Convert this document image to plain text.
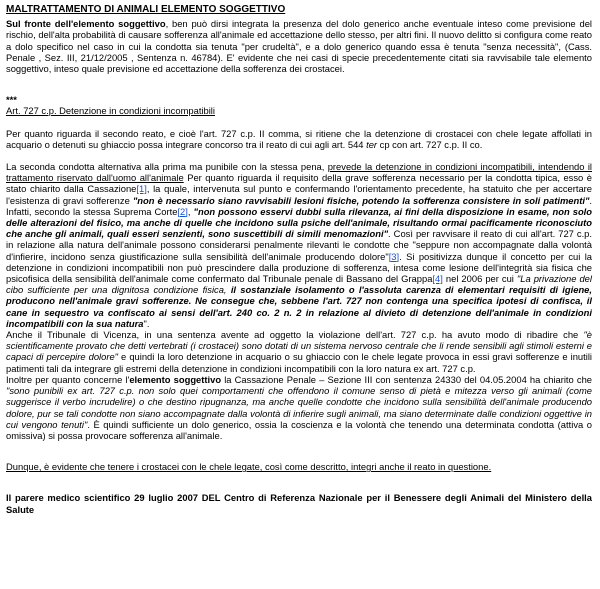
MALTRATTAMENTO DI ANIMALI ELEMENTO SOGGETTIVO

Sul fronte dell'elemento soggettivo, ben può dirsi integrata la presenza del dolo generico anche eventuale inteso come previsione del rischio, dell'alta probabilità di causare sofferenza all'animale ed accettazione dello stesso, per altri fini. Il nuovo delitto si configura come reato a dolo specifico nel caso in cui la condotta sia tenuta "per crudeltà", e a dolo generico quando essa è tenuta "senza necessità", (Cass. Penale , Sez. III, 21/12/2005 , Sentenza n. 46784). E' evidente che nei casi di specie precedentemente citati sia ravvisabile tale elemento soggettivo, inteso quale previsione ed accettazione della sofferenza dei crostacei.

***

Art. 727 c.p. Detenzione in condizioni incompatibili

Per quanto riguarda il secondo reato, e cioè l'art. 727 c.p. II comma, si ritiene che la detenzione di crostacei con chele legate affollati in acquario o detenuti su ghiaccio possa integrare concorso tra il reato di cui agli art. 544 ter cp con art. 727 c.p. II co.

La seconda condotta alternativa alla prima ma punibile con la stessa pena, prevede la detenzione in condizioni incompatibili, intendendo il trattamento riservato dall'uomo all'animale Per quanto riguarda il requisito della grave sofferenza necessario per la condotta tipica, esso è stato chiarito dalla Cassazione[1], la quale, intervenuta sul punto e confermando l'orientamento precedente, ha statuito che per accertare l'esistenza di gravi sofferenze "non è necessario siano ravvisabili lesioni fisiche, potendo la sofferenza consistere in soli patimenti". Infatti, secondo la stessa Suprema Corte[2], "non possono esservi dubbi sulla rilevanza, ai fini della disposizione in esame, non solo delle alterazioni del fisico, ma anche di quelle che incidono sulla psiche dell'animale, risultando ormai pacificamente riconosciuto che anche gli animali, quali esseri senzienti, sono suscettibili di simili menomazioni". Così per ravvisare il reato di cui all'art. 727 c.p. in relazione alla natura dell'animale possono considerarsi penalmente rilevanti le condotte che "seppure non accompagnate dalla volontà d'infierire, incidono senza giustificazione sulla sensibilità dell'animale producendo dolore"[3]. Si positivizza dunque il concetto per cui la detenzione in condizioni incompatibili non può prescindere dalla produzione di sofferenza, intesa come lesione dell'integrità sia fisica che psicofisica della sensibilità dell'animale come confermato dal Tribunale penale di Bassano del Grappa[4] nel 2006 per cui "La privazione del cibo sufficiente per una dignitosa condizione fisica, il sostanziale isolamento o l'assoluta carenza di elementari requisiti di igiene, producono nell'animale gravi sofferenze. Ne consegue che, sebbene l'art. 727 non contenga una specifica ipotesi di confisca, il cane in sequestro va confiscato ai sensi dell'art. 240 co. 2 n. 2 in relazione al divieto di detenzione dell'animale in condizioni incompatibili con la sua natura".

Anche il Tribunale di Vicenza, in una sentenza avente ad oggetto la violazione dell'art. 727 c.p. ha avuto modo di ribadire che "è scientificamente provato che detti vertebrati (i crostacei) sono dotati di un sistema nervoso centrale che li rende sensibili agli stimoli esterni e capaci di percepire dolore" e quindi la loro detenzione in acquario o su ghiaccio con le chele legate provoca in essi gravi sofferenze e inutili patimenti tali da integrare gli estremi della detenzione in condizioni incompatibili con la loro natura ex art. 727 c.p.

Inoltre per quanto concerne l'elemento soggettivo la Cassazione Penale – Sezione III con sentenza 24330 del 04.05.2004 ha chiarito che "sono punibili ex art. 727 c.p. non solo quei comportamenti che offendono il comune senso di pietà e mitezza verso gli animali (come suggerisce il verbo incrudelire) o che destino ripugnanza, ma anche quelle condotte che incidono sulla sensibilità dell'animale producendo dolore, pur se tali condotte non siano accompagnate dalla volontà di infierire sugli animali, ma siano determinate dalle condizioni oggettive in cui vengono tenuti". È quindi sufficiente un dolo generico, ossia la coscienza e la volontà che tenendo una determinata condotta (attiva o omissiva) si possa provocare sofferenza all'animale.

Dunque, è evidente che tenere i crostacei con le chele legate, così come descritto, integri anche il reato in questione.

Il parere medico scientifico 29 luglio 2007 DEL Centro di Referenza Nazionale per il Benessere degli Animali del Ministero della Salute
